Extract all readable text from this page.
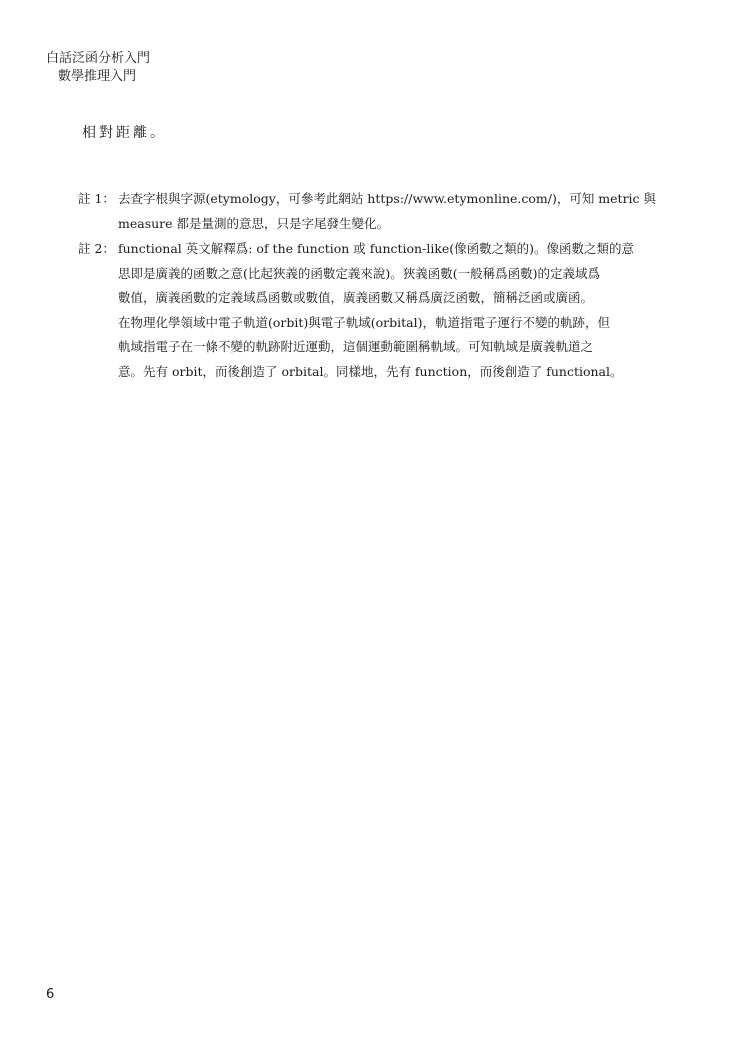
白話泛函分析入門
數學推理入門
相對距離。
註 1： 去查字根與字源(etymology，可參考此網站 https://www.etymonline.com/)，可知 metric 與
measure 都是量測的意思，只是字尾發生變化。
註 2： functional 英文解釋爲: of the function 或 function-like(像函數之類的)。像函數之類的意
思即是廣義的函數之意(比起狹義的函數定義來說)。狹義函數(一般稱爲函數)的定義域爲
數值，廣義函數的定義域爲函數或數值，廣義函數又稱爲廣泛函數，簡稱泛函或廣函。
在物理化學領域中電子軌道(orbit)與電子軌域(orbital)，軌道指電子運行不變的軌跡，但
軌域指電子在一條不變的軌跡附近運動，這個運動範圍稱軌域。可知軌域是廣義軌道之
意。先有 orbit，而後創造了 orbital。同樣地，先有 function，而後創造了 functional。
6
